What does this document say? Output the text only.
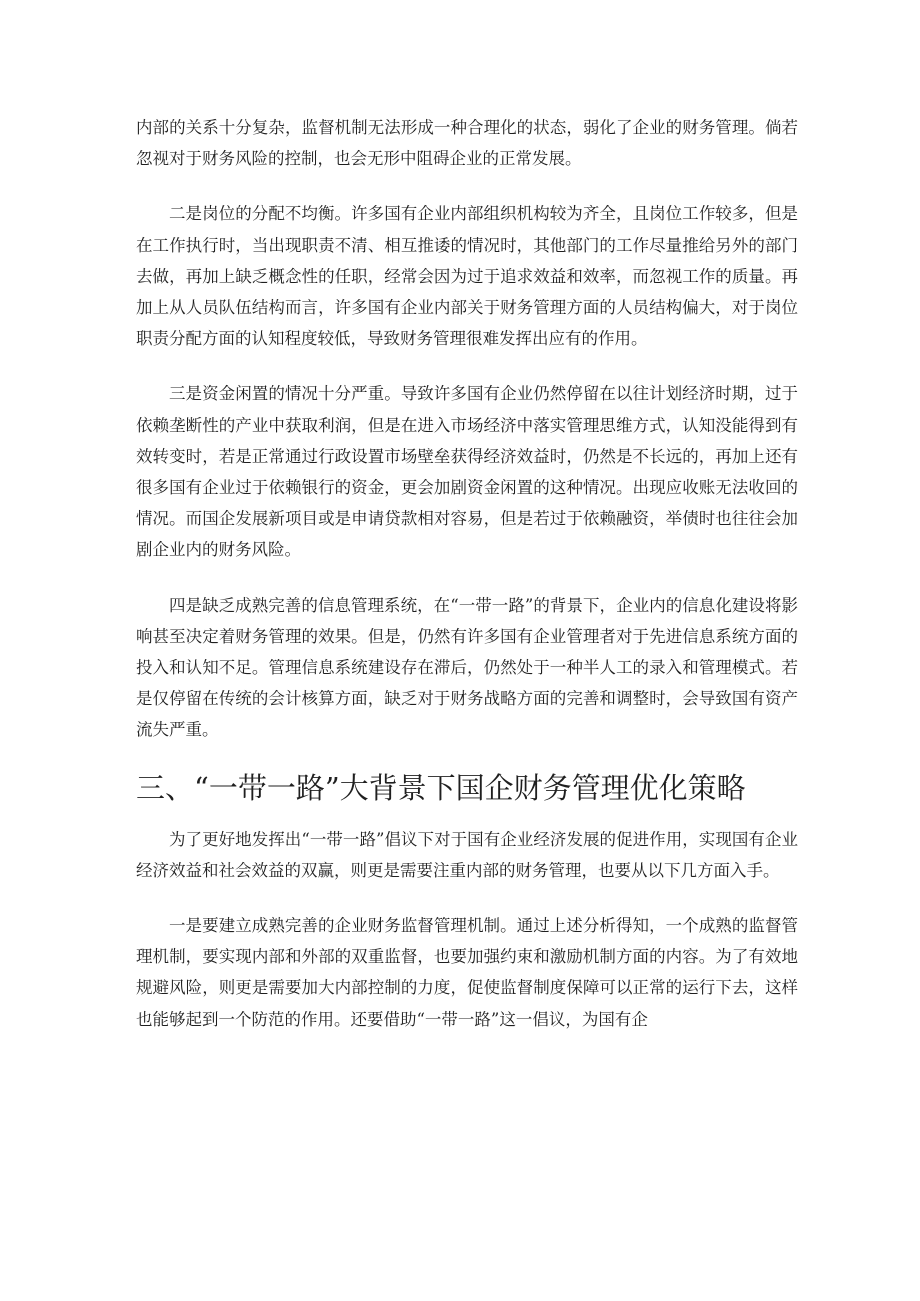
内部的关系十分复杂，监督机制无法形成一种合理化的状态，弱化了企业的财务管理。倘若忽视对于财务风险的控制，也会无形中阻碍企业的正常发展。

二是岗位的分配不均衡。许多国有企业内部组织机构较为齐全，且岗位工作较多，但是在工作执行时，当出现职责不清、相互推诿的情况时，其他部门的工作尽量推给另外的部门去做，再加上缺乏概念性的任职，经常会因为过于追求效益和效率，而忽视工作的质量。再加上从人员队伍结构而言，许多国有企业内部关于财务管理方面的人员结构偏大，对于岗位职责分配方面的认知程度较低，导致财务管理很难发挥出应有的作用。

三是资金闲置的情况十分严重。导致许多国有企业仍然停留在以往计划经济时期，过于依赖垄断性的产业中获取利润，但是在进入市场经济中落实管理思维方式，认知没能得到有效转变时，若是正常通过行政设置市场壁垒获得经济效益时，仍然是不长远的，再加上还有很多国有企业过于依赖银行的资金，更会加剧资金闲置的这种情况。出现应收账无法收回的情况。而国企发展新项目或是申请贷款相对容易，但是若过于依赖融资，举债时也往往会加剧企业内的财务风险。

四是缺乏成熟完善的信息管理系统，在“一带一路”的背景下，企业内的信息化建设将影响甚至决定着财务管理的效果。但是，仍然有许多国有企业管理者对于先进信息系统方面的投入和认知不足。管理信息系统建设存在滞后，仍然处于一种半人工的录入和管理模式。若是仅停留在传统的会计核算方面，缺乏对于财务战略方面的完善和调整时，会导致国有资产流失严重。

三、“一带一路”大背景下国企财务管理优化策略

为了更好地发挥出“一带一路”倡议下对于国有企业经济发展的促进作用，实现国有企业经济效益和社会效益的双赢，则更是需要注重内部的财务管理，也要从以下几方面入手。

一是要建立成熟完善的企业财务监督管理机制。通过上述分析得知，一个成熟的监督管理机制，要实现内部和外部的双重监督，也要加强约束和激励机制方面的内容。为了有效地规避风险，则更是需要加大内部控制的力度，促使监督制度保障可以正常的运行下去，这样也能够起到一个防范的作用。还要借助“一带一路”这一倡议，为国有企
